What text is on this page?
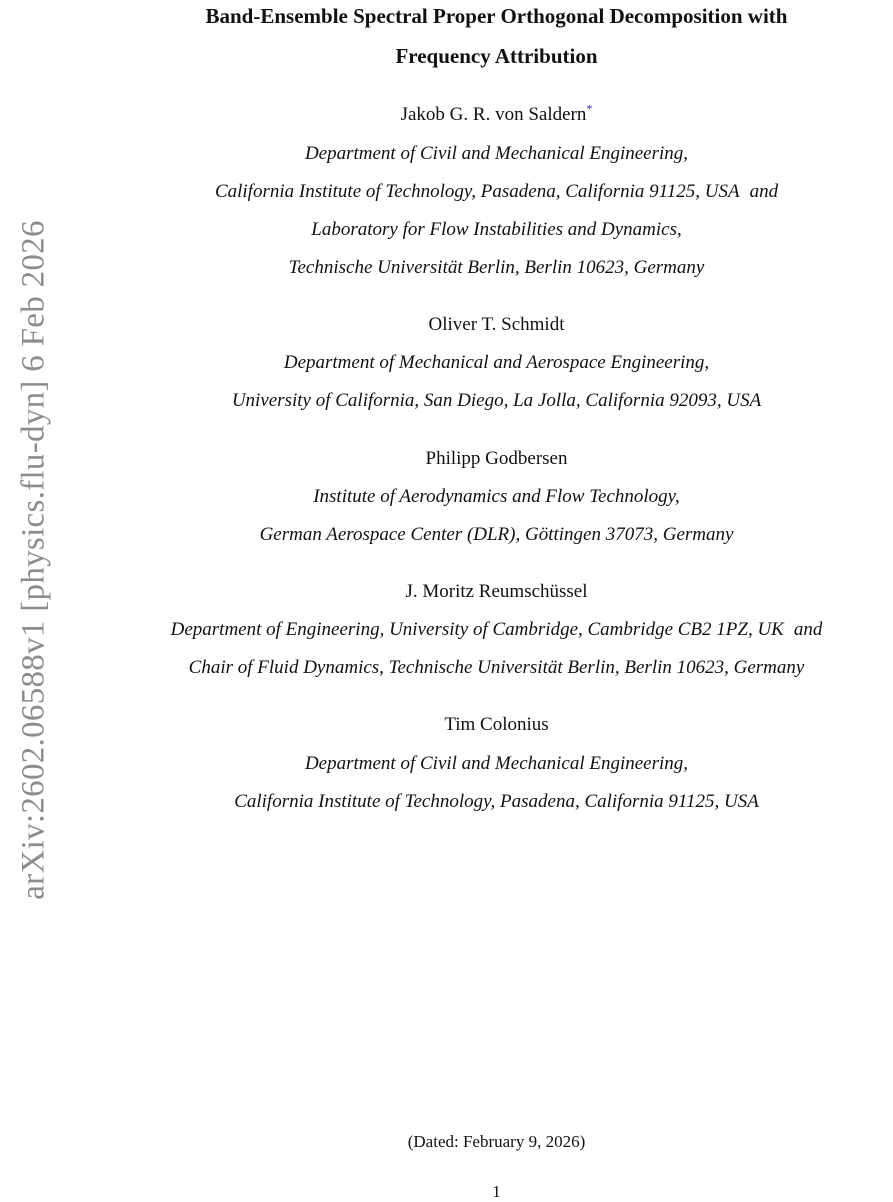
arXiv:2602.06588v1 [physics.flu-dyn] 6 Feb 2026
Band-Ensemble Spectral Proper Orthogonal Decomposition with
Frequency Attribution
Jakob G. R. von Saldern*
Department of Civil and Mechanical Engineering,
California Institute of Technology, Pasadena, California 91125, USA and
Laboratory for Flow Instabilities and Dynamics,
Technische Universität Berlin, Berlin 10623, Germany
Oliver T. Schmidt
Department of Mechanical and Aerospace Engineering,
University of California, San Diego, La Jolla, California 92093, USA
Philipp Godbersen
Institute of Aerodynamics and Flow Technology,
German Aerospace Center (DLR), Göttingen 37073, Germany
J. Moritz Reumschüssel
Department of Engineering, University of Cambridge, Cambridge CB2 1PZ, UK and
Chair of Fluid Dynamics, Technische Universität Berlin, Berlin 10623, Germany
Tim Colonius
Department of Civil and Mechanical Engineering,
California Institute of Technology, Pasadena, California 91125, USA
(Dated: February 9, 2026)
1
